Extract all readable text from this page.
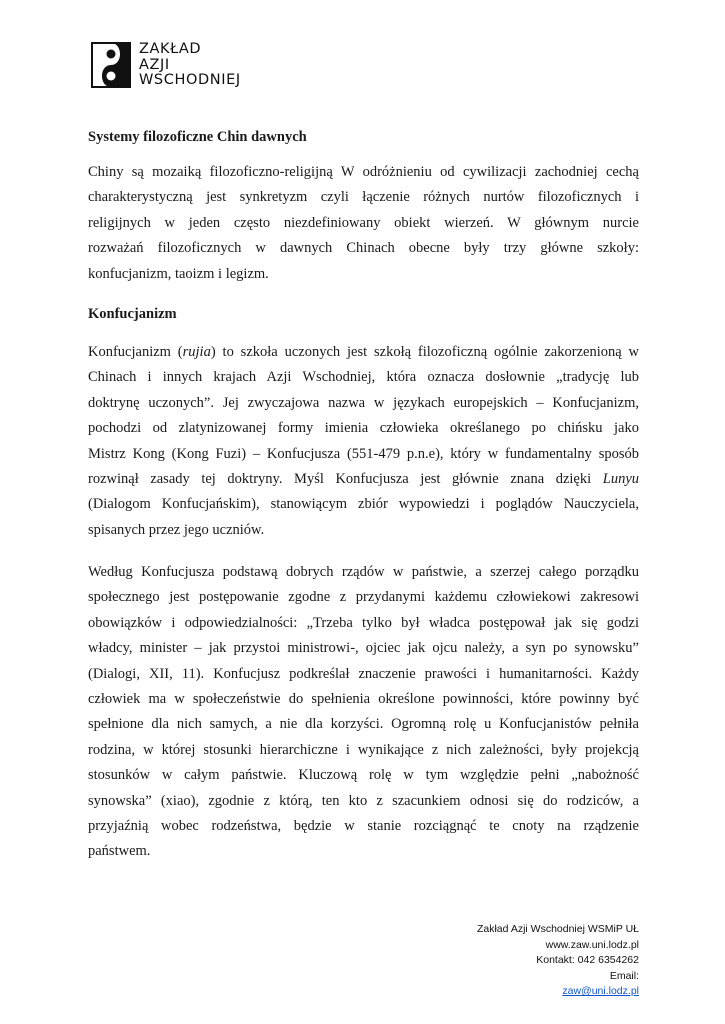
ZAKŁAD
AZJI
WSCHODNIEJ
Systemy filozoficzne Chin dawnych

Chiny są mozaiką filozoficzno-religijną W odróżnieniu od cywilizacji zachodniej cechą
charakterystyczną jest synkretyzm czyli łączenie różnych nurtów filozoficznych i
religijnych w jeden często niezdefiniowany obiekt wierzeń. W głównym nurcie
rozważań filozoficznych w dawnych Chinach obecne były trzy główne szkoły:
konfucjanizm, taoizm i legizm.

Konfucjanizm

Konfucjanizm (rujia) to szkoła uczonych jest szkołą filozoficzną ogólnie zakorzenioną w
Chinach i innych krajach Azji Wschodniej, która oznacza dosłownie „tradycję lub
doktrynę uczonych”. Jej zwyczajowa nazwa w językach europejskich – Konfucjanizm,
pochodzi od zlatynizowanej formy imienia człowieka określanego po chińsku jako
Mistrz Kong (Kong Fuzi) – Konfucjusza (551-479 p.n.e), który w fundamentalny sposób
rozwinął zasady tej doktryny. Myśl Konfucjusza jest głównie znana dzięki Lunyu
(Dialogom Konfucjańskim), stanowiącym zbiór wypowiedzi i poglądów Nauczyciela,
spisanych przez jego uczniów.

Według Konfucjusza podstawą dobrych rządów w państwie, a szerzej całego porządku
społecznego jest postępowanie zgodne z przydanymi każdemu człowiekowi zakresowi
obowiązków i odpowiedzialności: „Trzeba tylko był władca postępował jak się godzi
władcy, minister – jak przystoi ministrowi-, ojciec jak ojcu należy, a syn po synowsku”
(Dialogi, XII, 11). Konfucjusz podkreślał znaczenie prawości i humanitarności. Każdy
człowiek ma w społeczeństwie do spełnienia określone powinności, które powinny być
spełnione dla nich samych, a nie dla korzyści. Ogromną rolę u Konfucjanistów pełniła
rodzina, w której stosunki hierarchiczne i wynikające z nich zależności, były projekcją
stosunków w całym państwie. Kluczową rolę w tym względzie pełni „nabożność
synowska” (xiao), zgodnie z którą, ten kto z szacunkiem odnosi się do rodziców, a
przyjaźnią wobec rodzeństwa, będzie w stanie rozciągnąć te cnoty na rządzenie
państwem.

Zakład Azji Wschodniej WSMiP UŁ
www.zaw.uni.lodz.pl
Kontakt: 042 6354262
Email:
zaw@uni.lodz.pl
